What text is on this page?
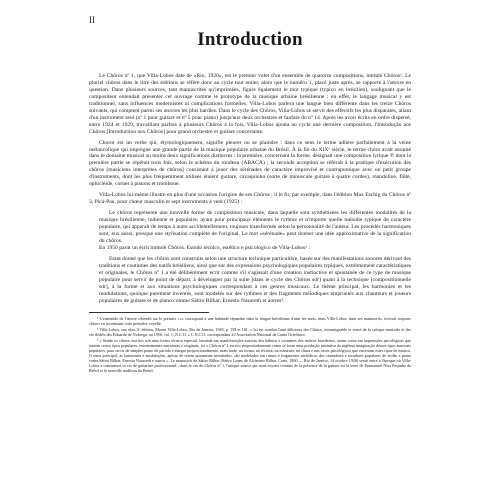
II
Introduction

Le Chôros nº 1, que Villa-Lobos date de «Rio, 1920», est le premier volet d'un ensemble de quatorze compositions, intitulé Chôros¹. Le pluriel chôros dans le titre des éditions se réfère donc au cycle tout entier, alors que le numéro 1, placé juste après, se rapporte à l'œuvre en question. Dans plusieurs sources, tant manuscrites qu'imprimées, figure également le mot typique (typico en brésilien), soulignant que le compositeur entendait présenter cet ouvrage comme le prototype de la musique urbaine brésilienne ; en effet, le langage musical y est traditionnel, sans influences modernistes ni complications formelles. Villa-Lobos parlera une langue bien différente dans les treize Chôros suivants, qui comptent parmi ses œuvres les plus hardies. Dans le cycle des Chôros, Villa-Lobos se servit des effectifs les plus disparates, allant d'un instrument seul (nº 1 pour guitare et nº 5 pour piano) jusqu'aux deux orchestres et fanfare du nº 14. Après les avoir écrits en ordre dispersé, entre 1924 et 1929, travaillant parfois à plusieurs Chôros à la fois, Villa-Lobos ajouta au cycle une dernière composition, l'Introdução aos Chôros [Introduction aux Chôros] pour grand orchestre et guitare concertante.

Choror est un verbe qui, étymologiquement, signifie pleurer ou se plaindre : dans ce sens le terme adhère parfaitement à la veine mélancolique qui imprègne une grande partie de la musique populaire urbaine du Brésil. À la fin du XIXᵉ siècle, le terme chôro avait assumé dans le domaine musical au moins deux significations distinctes : la première, concernant la forme, désignait une composition lyrique ℗ dont la première partie se répétait trois fois, selon le schéma du rondeau (ABACA) ; la seconde acception se référait à la pratique d'exécution des chôros [musiciens interprètes de chôros] consistant à jouer des sérénades de caractère improvisé et contrapuntique avec un petit groupe d'instruments, dont les plus fréquemment utilisés étaient guitare, cavaquinho (sorte de minuscule guitare à quatre cordes), mandoline, flûte, ophicléide, cornet à pistons et trombone.

Villa-Lobos lui-même illustre en plus d'une occasion l'origine de ses Chôros ; il le fit, par exemple, dans l'édition Max Eschig du Chôros nº 3, Pica-Pau, pour chœur masculin et sept instruments à vent (1925) :

Le chôros représente une nouvelle forme de composition musicale, dans laquelle sont synthétisées les différentes modalités de la musique brésilienne, indienne et populaire, ayant pour principaux éléments le rythme et n'importe quelle mélodie typique de caractère populaire, qui apparaît de temps à autre accidentellement, toujours transformée selon la personnalité de l'auteur. Les procédés harmoniques sont, eux aussi, presque une stylisation complète de l'original. Le mot «sérénade» peut donner une idée approximative de la signification du chôros.

En 1950 parut un écrit intitulé Chôros. Estudo técnico, estético e psicológico de Villa-Lobos² :

Etant donné que les chôros sont construits selon une structure technique particulière, basée sur des manifestations sonores dérivant des traditions et coutumes des natifs brésiliens, ainsi que sur des expressions psychologiques populaires typiques, extrêmement caractéristiques et originales, le Chôros nº 1 a été délibérément écrit comme s'il s'agissait d'une création instinctive et spontanée de ce type de musique populaire pour servir de point de départ, à développer par la suite [dans le cycle des Chôros sdr] quant à la technique [compositionnelle sdr], à la forme et aux situations psychologiques correspondant à ces genres musicaux. Le thème principal, les harmonies et les modulations, quoique purement inventés, sont modelés sur des rythmes et des fragments mélodiques empruntés aux chanteurs et joueurs populaires de guitare et de piano comme Sátiro Bilhar, Ernesto Nazareth et autres³.

¹ L'ensemble de l'œuvre s'étendit sur le premier ««» correspond à une habitude répandue dans la langue brésilienne d'unir les mots, mais Villa-Lobos, dans ses manuscrits, écrivait toujours chôros en accentuant cette première voyelle.

² Villa-Lobos, sua obra, 3ᵉ édition, Museu Villa-Lobos, Rio de Janeiro, 1965, p. 158 et 161. « Ici est conduit l'ami délicieux des Chôros, intransigeable et sensé de la critique musicale et des vie dédiés des Eduardo de Nobrega, an 1956, vol. C.N.C.O. « C.N.C.O. correspondant à l'Association Nacional de Canto Orfeônico.

³ « Sendo os chôros escritos sob uma forma técnica especial, baseada nas manifestações sonoras dos hábitos e costumes dos nativos brasileiros, assim como em impressões psicológicas que trazem certos tipos populares, extremamente marcantes e originais, foi o Chôros nº 1 escrito propositadamente como se fosse uma produção instintiva da ingênua imaginação desses tipos musicais populares, para servir de simples ponto de partida e alargar proporcionalmente, mais tarde, na forma, na técnica, na estrutura, no clima e nas casos psicológicos que encerram estes tipos de música. O tema principal, as harmonias e modulações, apesar de serem puramente inventados, são modelados em ritmos e fragmentos melódicos dos cantadores e tocadores populares de violão e piano como Sátiro Bilhar, Ernesto Nazareth e outros ». Le manuscrit de Sátiro Bilhar (Sátiro Lopes de Alcântara Bilhar, Crato, 1860 — Rio de Janeiro, 14 octobre 1926) serait entré à l'époque où Villa-Lobos a commencé sa vie de guitariste professionnel ; dans le cas du Chôros nº 1, l'unique source qui nous soyons certains de la présence de la guitare est le texte de Emmanuel Nisa Peçanha du Brésil et la nouvelle tradition du Brésil.
